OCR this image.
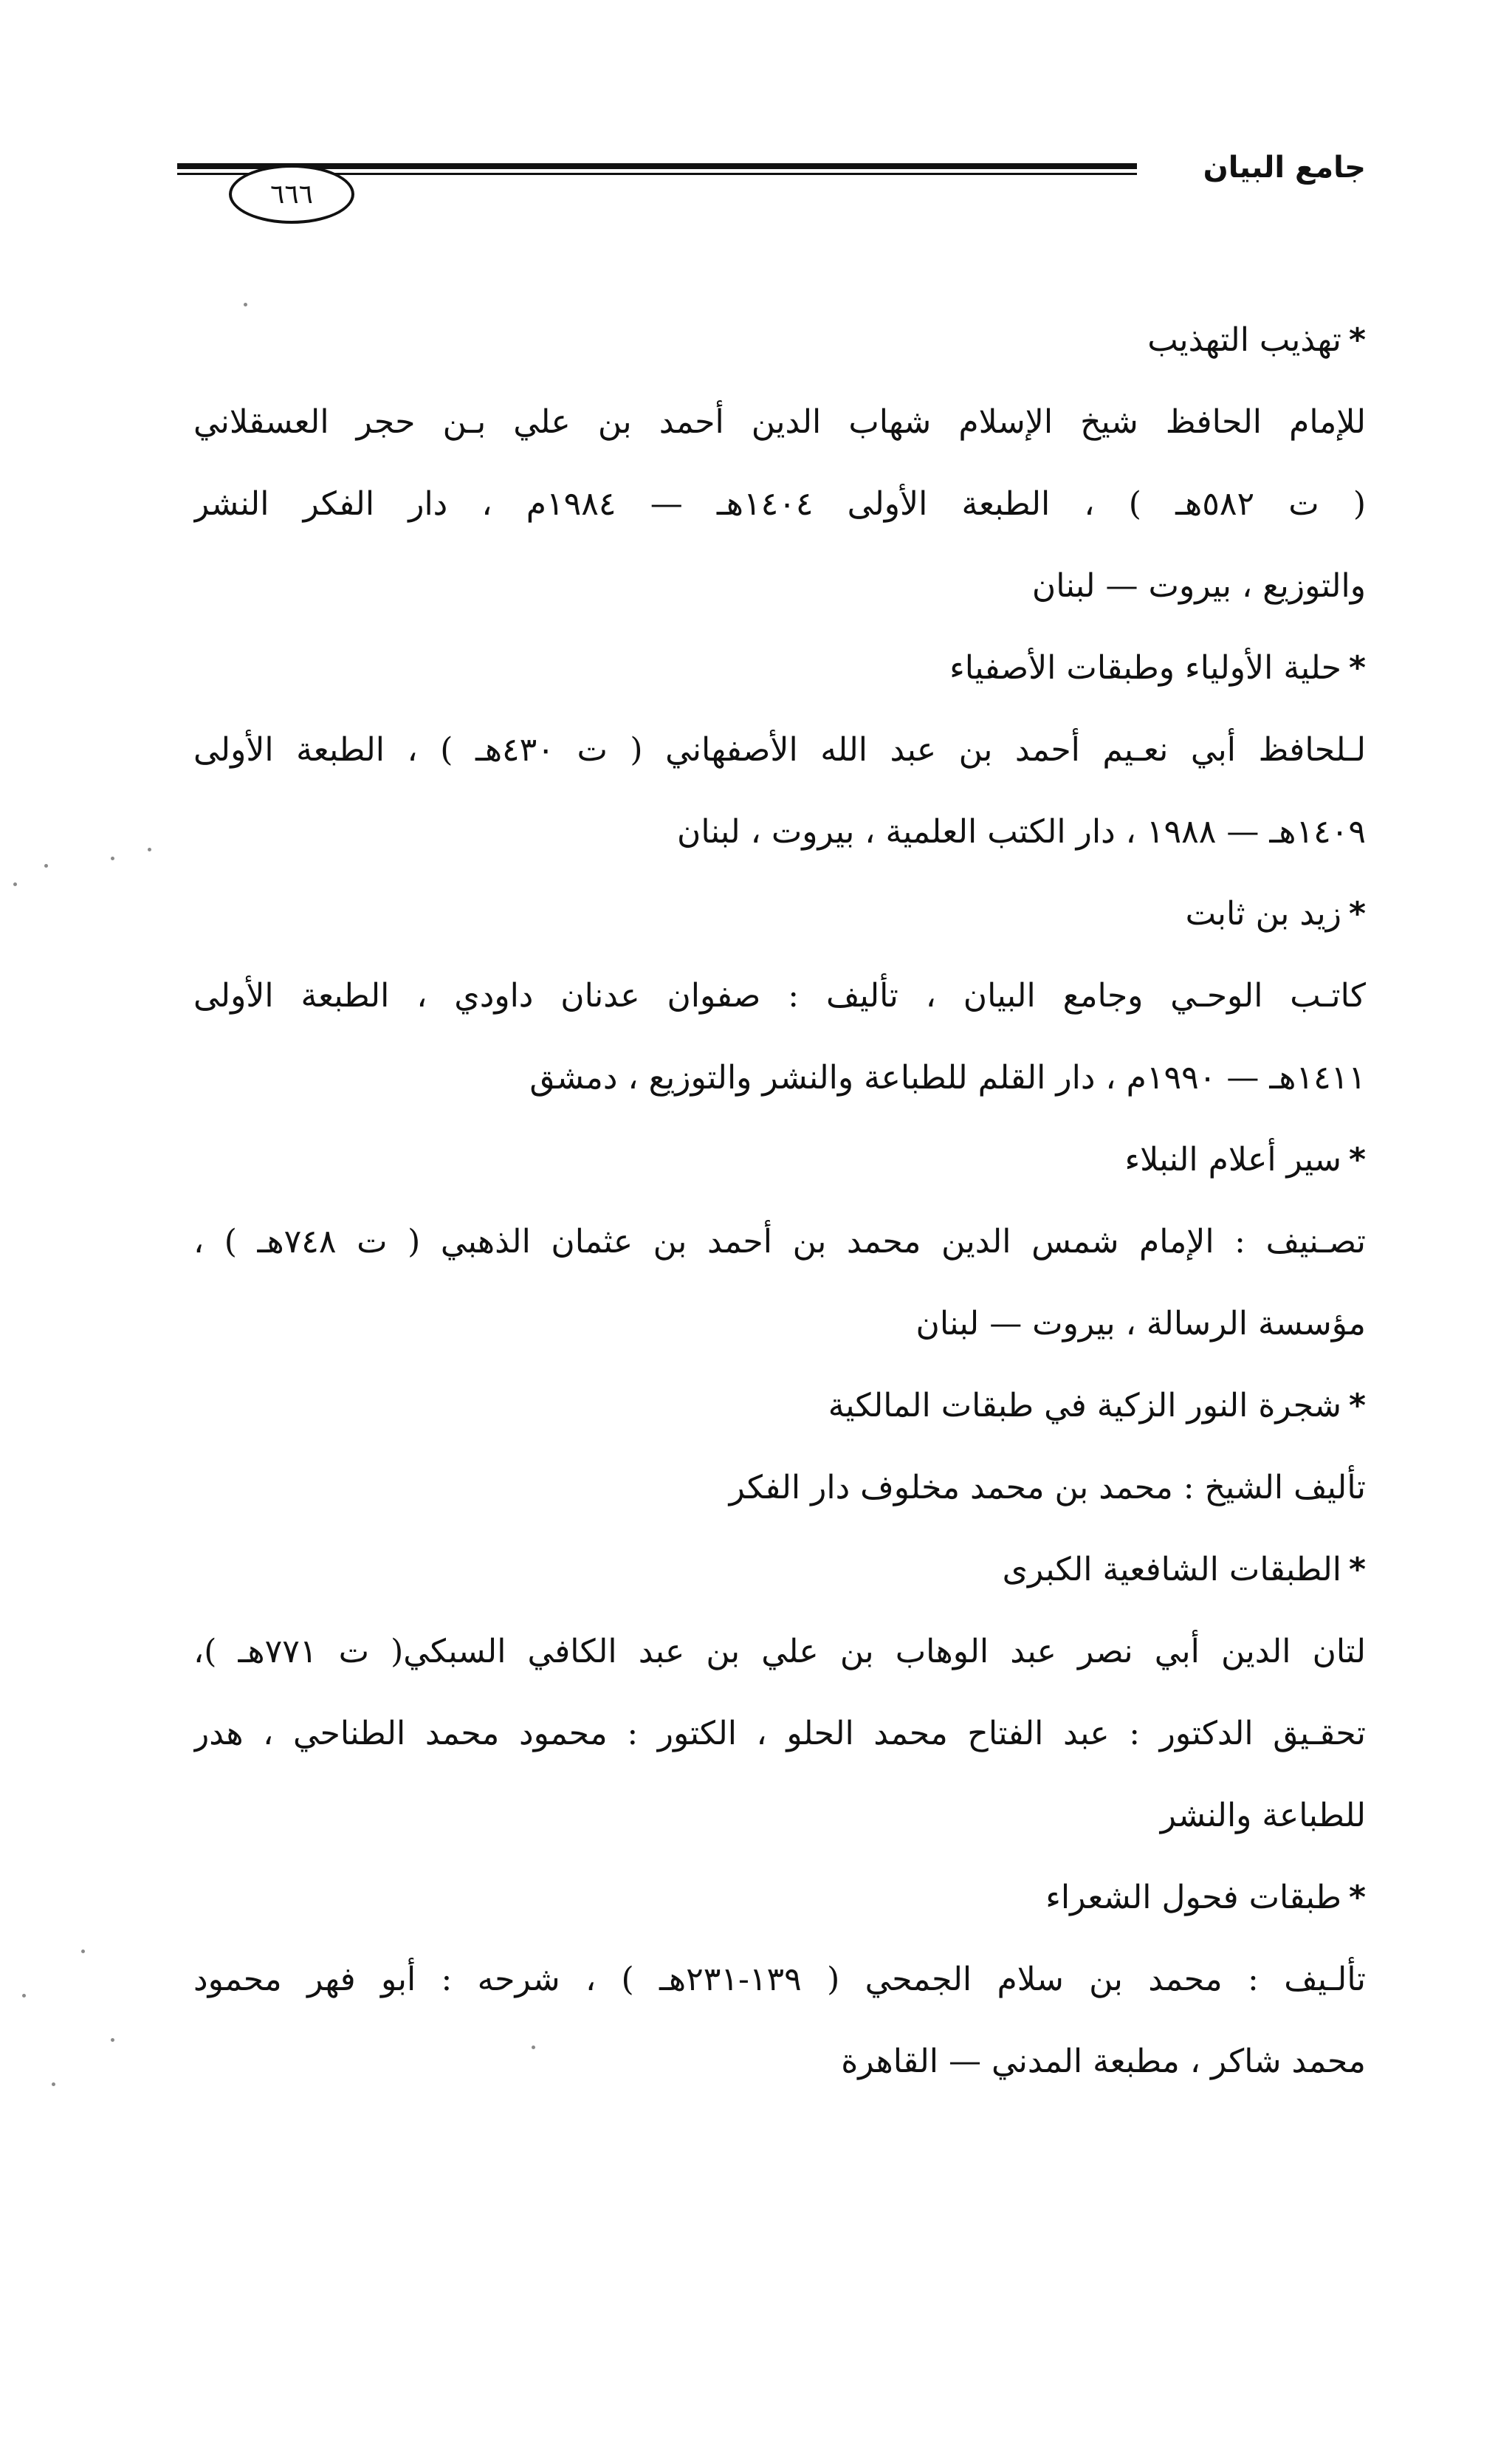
جامع البيان
٦٦٦
*تهذيب التهذيب
للإمام الحافظ شيخ الإسلام شهاب الدين أحمد بن علي بـن حجر العسقلاني
( ت ٥٨٢هـ ) ، الطبعة الأولى ١٤٠٤هـ — ١٩٨٤م ، دار الفكر النشر
والتوزيع ، بيروت — لبنان
*حلية الأولياء وطبقات الأصفياء
لـلحافظ أبي نعـيم أحمد بن عبد الله الأصفهاني ( ت ٤٣٠هـ ) ، الطبعة الأولى
١٤٠٩هـ — ١٩٨٨ ، دار الكتب العلمية ، بيروت ، لبنان
*زيد بن ثابت
كاتـب الوحـي وجامع البيان ، تأليف : صفوان عدنان داودي ، الطبعة الأولى
١٤١١هـ — ١٩٩٠م ، دار القلم للطباعة والنشر والتوزيع ، دمشق
*سير أعلام النبلاء
تصـنيف : الإمام شمس الدين محمد بن أحمد بن عثمان الذهبي ( ت ٧٤٨هـ ) ،
مؤسسة الرسالة ، بيروت — لبنان
*شجرة النور الزكية في طبقات المالكية
تأليف الشيخ : محمد بن محمد مخلوف دار الفكر
*الطبقات الشافعية الكبرى
لتان الدين أبي نصر عبد الوهاب بن علي بن عبد الكافي السبكي( ت ٧٧١هـ )،
تحقـيق الدكتور : عبد الفتاح محمد الحلو ، الكتور : محمود محمد الطناحي ، هدر
للطباعة والنشر
*طبقات فحول الشعراء
تألـيف : محمد بن سلام الجمحي ( ١٣٩-٢٣١هـ ) ، شرحه : أبو فهر محمود
محمد شاكر ، مطبعة المدني — القاهرة
